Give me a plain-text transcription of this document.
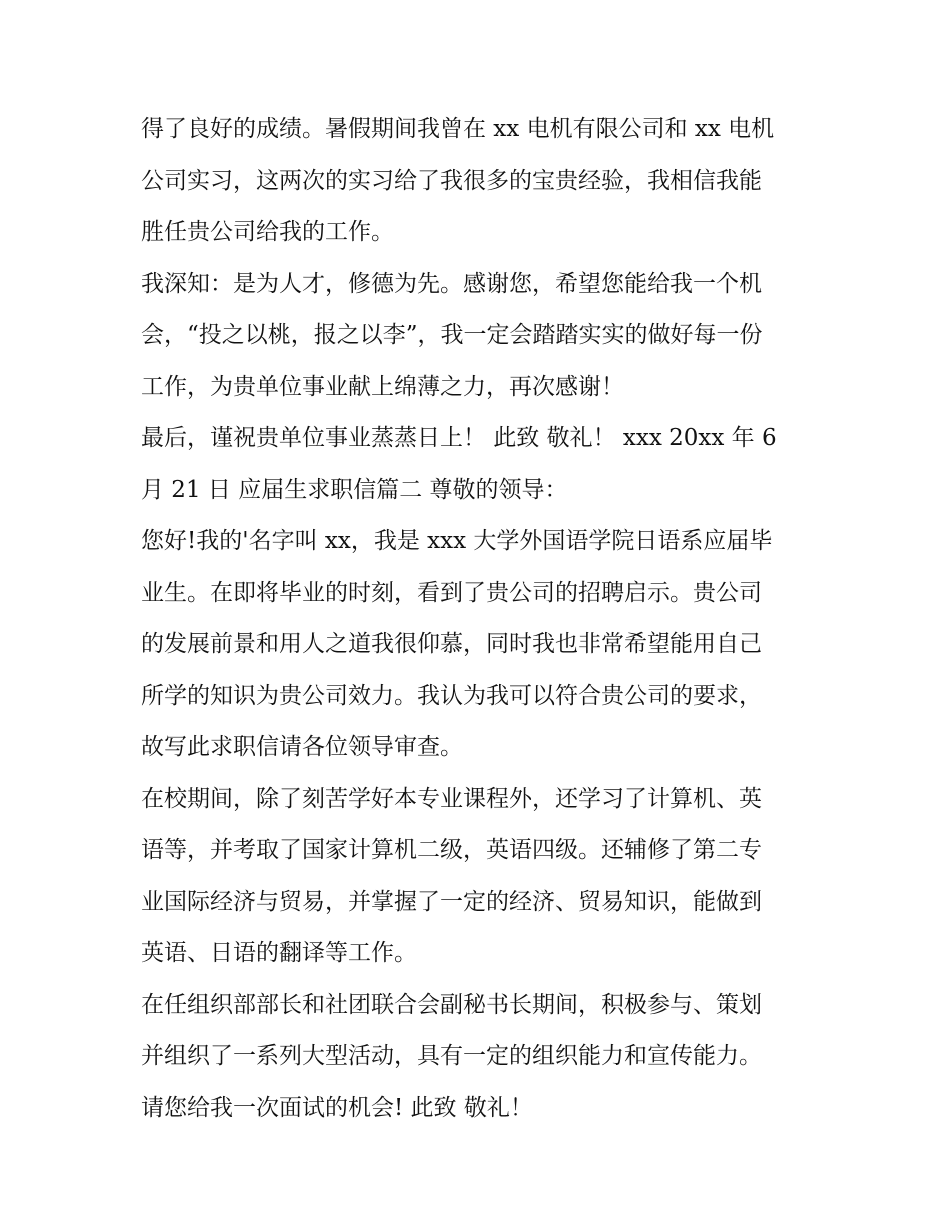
得了良好的成绩。暑假期间我曾在 xx 电机有限公司和 xx 电机
公司实习，这两次的实习给了我很多的宝贵经验，我相信我能
胜任贵公司给我的工作。
我深知：是为人才，修德为先。感谢您，希望您能给我一个机
会，“投之以桃，报之以李”，我一定会踏踏实实的做好每一份
工作，为贵单位事业献上绵薄之力，再次感谢！
最后，谨祝贵单位事业蒸蒸日上！ 此致 敬礼！ xxx 20xx 年 6
月 21 日 应届生求职信篇二 尊敬的领导：
您好!我的'名字叫 xx，我是 xxx 大学外国语学院日语系应届毕
业生。在即将毕业的时刻，看到了贵公司的招聘启示。贵公司
的发展前景和用人之道我很仰慕，同时我也非常希望能用自己
所学的知识为贵公司效力。我认为我可以符合贵公司的要求，
故写此求职信请各位领导审查。
在校期间，除了刻苦学好本专业课程外，还学习了计算机、英
语等，并考取了国家计算机二级，英语四级。还辅修了第二专
业国际经济与贸易，并掌握了一定的经济、贸易知识，能做到
英语、日语的翻译等工作。
在任组织部部长和社团联合会副秘书长期间，积极参与、策划
并组织了一系列大型活动，具有一定的组织能力和宣传能力。
请您给我一次面试的机会! 此致 敬礼！
